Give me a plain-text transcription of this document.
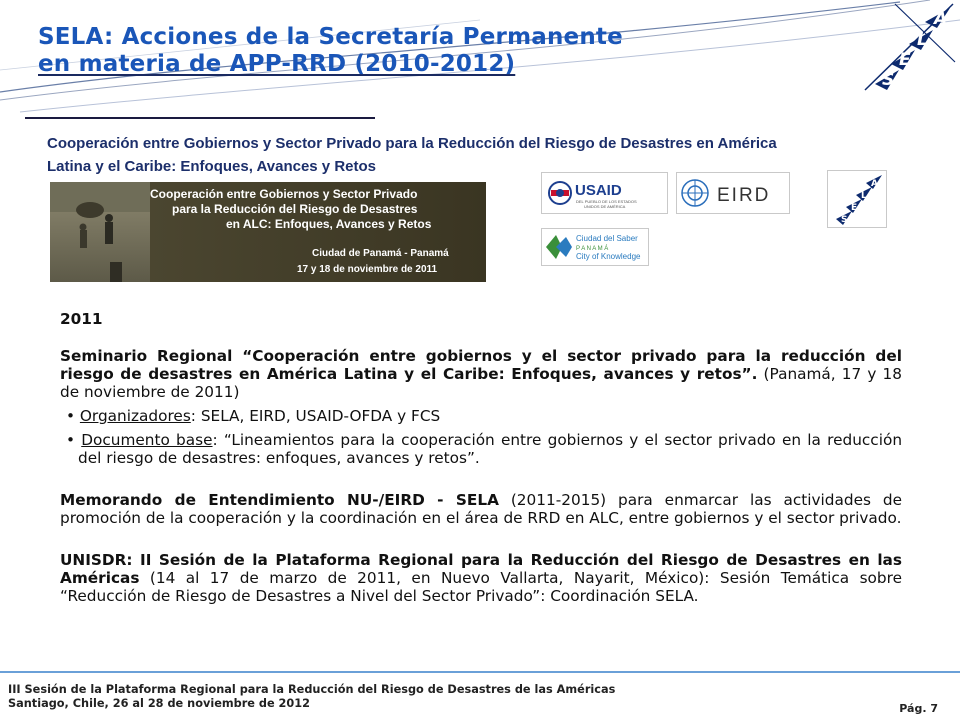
A
L
E
S
SELA: Acciones de la Secretaría Permanente
en materia de APP-RRD (2010-2012)
Cooperación entre Gobiernos y Sector Privado para la Reducción del Riesgo de Desastres en América
Latina y el Caribe: Enfoques, Avances y Retos
Cooperación entre Gobiernos y Sector Privado
para la Reducción del Riesgo de Desastres
en ALC: Enfoques, Avances y Retos
Ciudad de Panamá - Panamá
17 y 18 de noviembre de 2011
USAID
DEL PUEBLO DE LOS ESTADOS
UNIDOS DE AMÉRICA
EIRD
A
L
E
S
Ciudad del Saber
P A N A M Á
City of Knowledge

2011

Seminario Regional “Cooperación entre gobiernos y el sector privado para la reducción del riesgo de desastres en América Latina y el Caribe: Enfoques, avances y retos”. (Panamá, 17 y 18 de noviembre de 2011)

• Organizadores: SELA, EIRD, USAID-OFDA y FCS

• Documento base: “Lineamientos para la cooperación entre gobiernos y el sector privado en la reducción del riesgo de desastres: enfoques, avances y retos”.

Memorando de Entendimiento NU-/EIRD - SELA (2011-2015) para enmarcar las actividades de promoción de la cooperación y la coordinación en el área de RRD en ALC, entre gobiernos y el sector privado.

UNISDR: II Sesión de la Plataforma Regional para la Reducción del Riesgo de Desastres en las Américas (14 al 17 de marzo de 2011, en Nuevo Vallarta, Nayarit, México): Sesión Temática sobre “Reducción de Riesgo de Desastres a Nivel del Sector Privado”: Coordinación SELA.

III Sesión de la Plataforma Regional para la Reducción del Riesgo de Desastres de las Américas
Santiago, Chile, 26 al 28 de noviembre de 2012	Pág. 7
